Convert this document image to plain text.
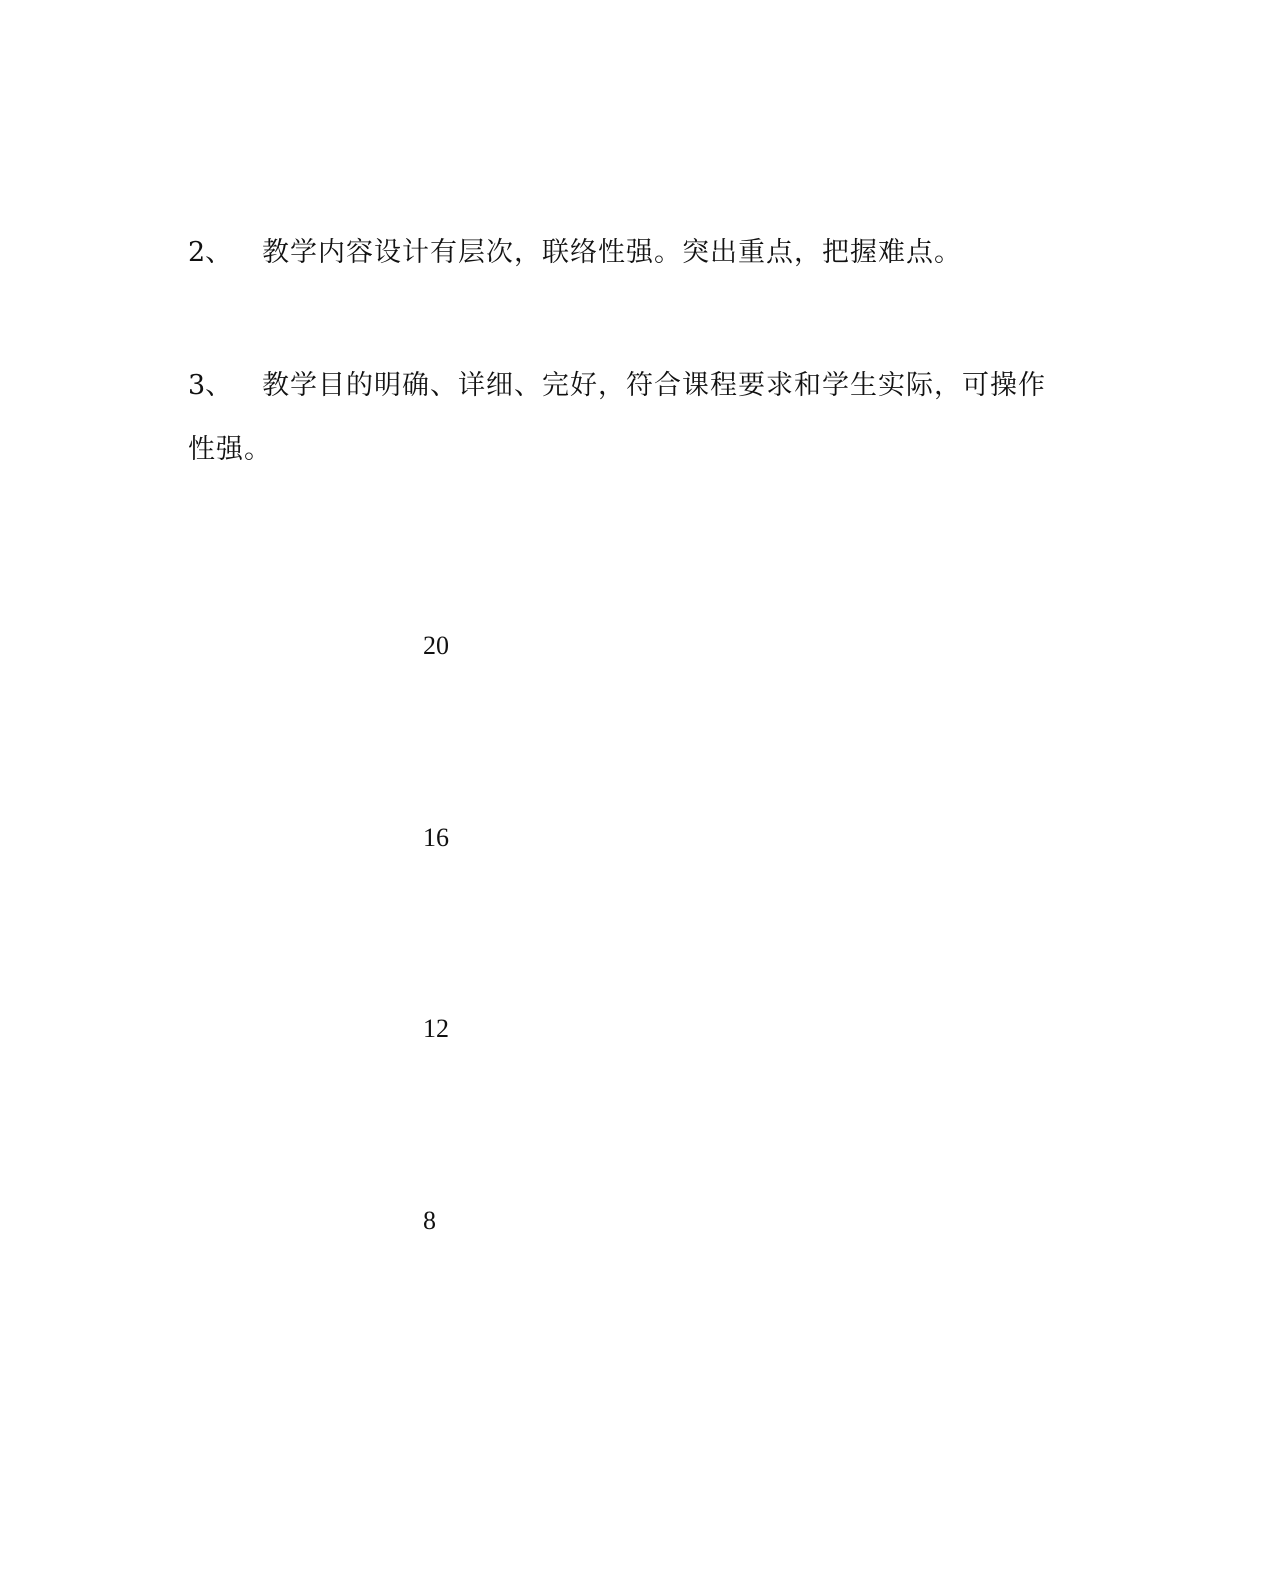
2、 教学内容设计有层次，联络性强。突出重点，把握难点。
3、 教学目的明确、详细、完好，符合课程要求和学生实际，可操作
性强。
20
16
12
8
